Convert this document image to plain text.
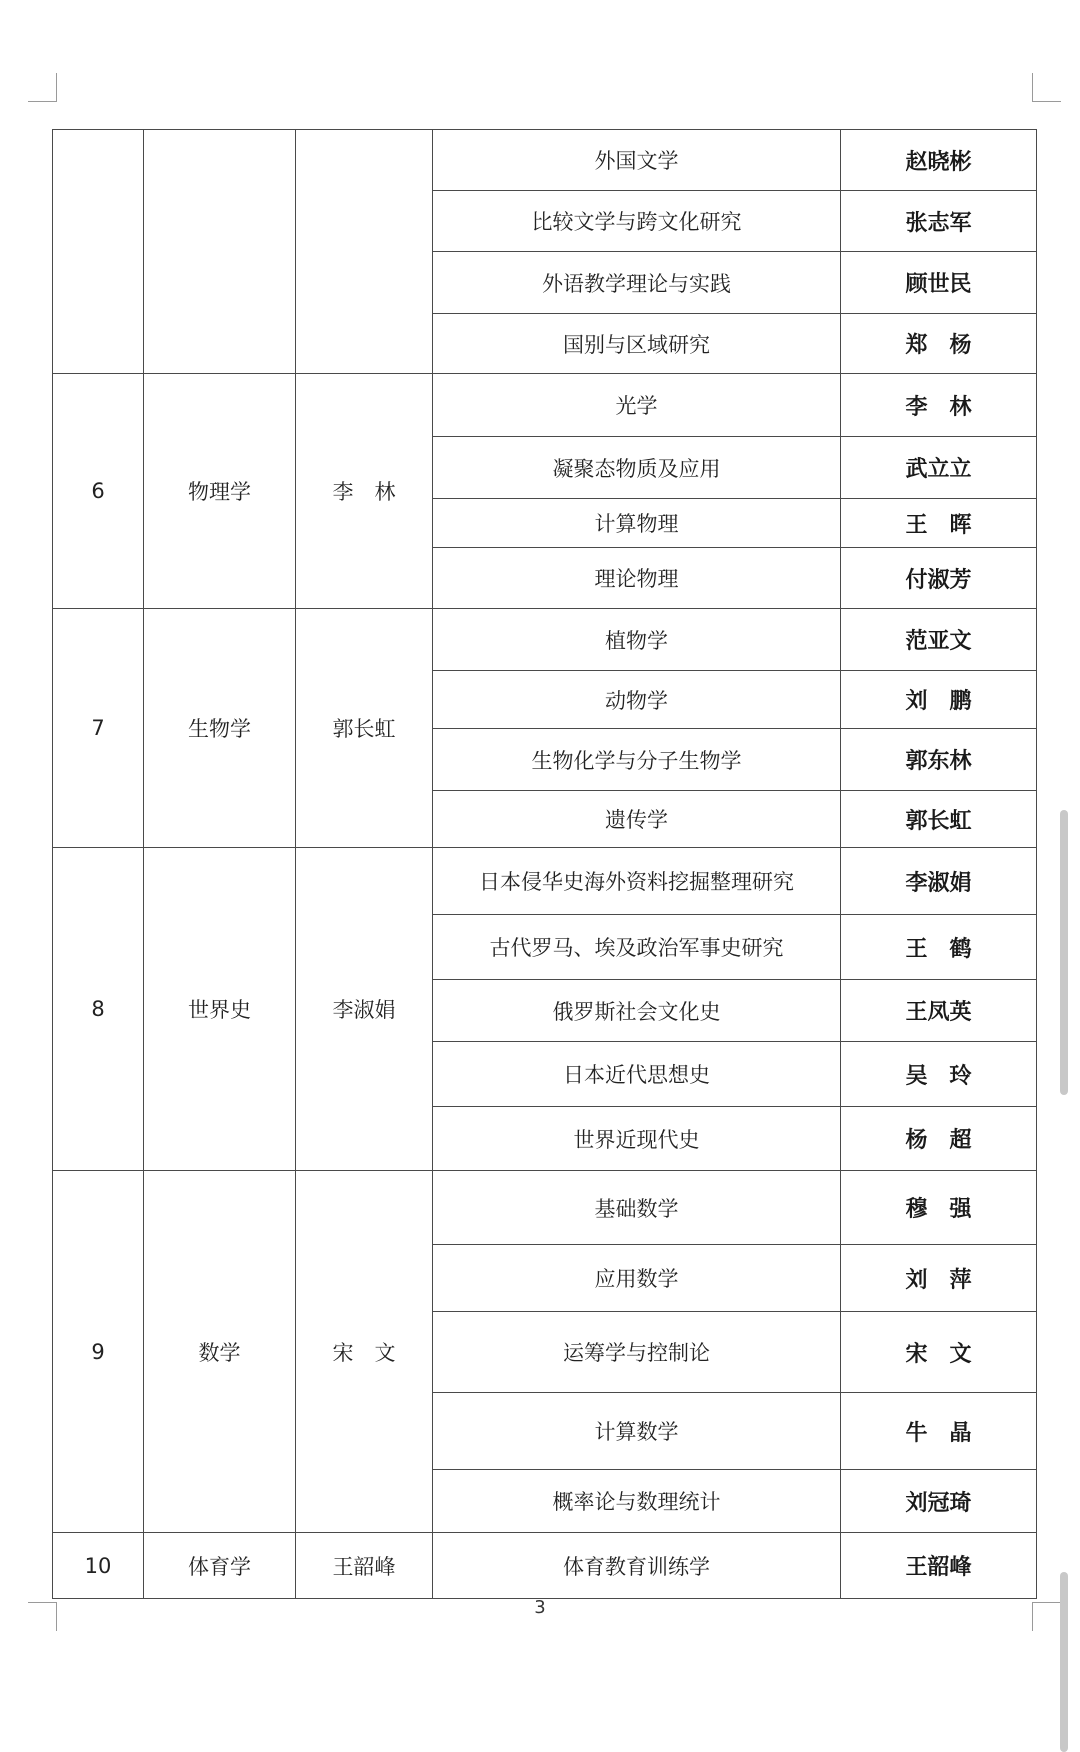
			外国文学	赵晓彬
			比较文学与跨文化研究	张志军
			外语教学理论与实践	顾世民
			国别与区域研究	郑　杨
6	物理学	李　林	光学	李　林
			凝聚态物质及应用	武立立
			计算物理	王　晖
			理论物理	付淑芳
7	生物学	郭长虹	植物学	范亚文
			动物学	刘　鹏
			生物化学与分子生物学	郭东林
			遗传学	郭长虹
8	世界史	李淑娟	日本侵华史海外资料挖掘整理研究	李淑娟
			古代罗马、埃及政治军事史研究	王　鹤
			俄罗斯社会文化史	王凤英
			日本近代思想史	吴　玲
			世界近现代史	杨　超
9	数学	宋　文	基础数学	穆　强
			应用数学	刘　萍
			运筹学与控制论	宋　文
			计算数学	牛　晶
			概率论与数理统计	刘冠琦
10	体育学	王韶峰	体育教育训练学	王韶峰
3
